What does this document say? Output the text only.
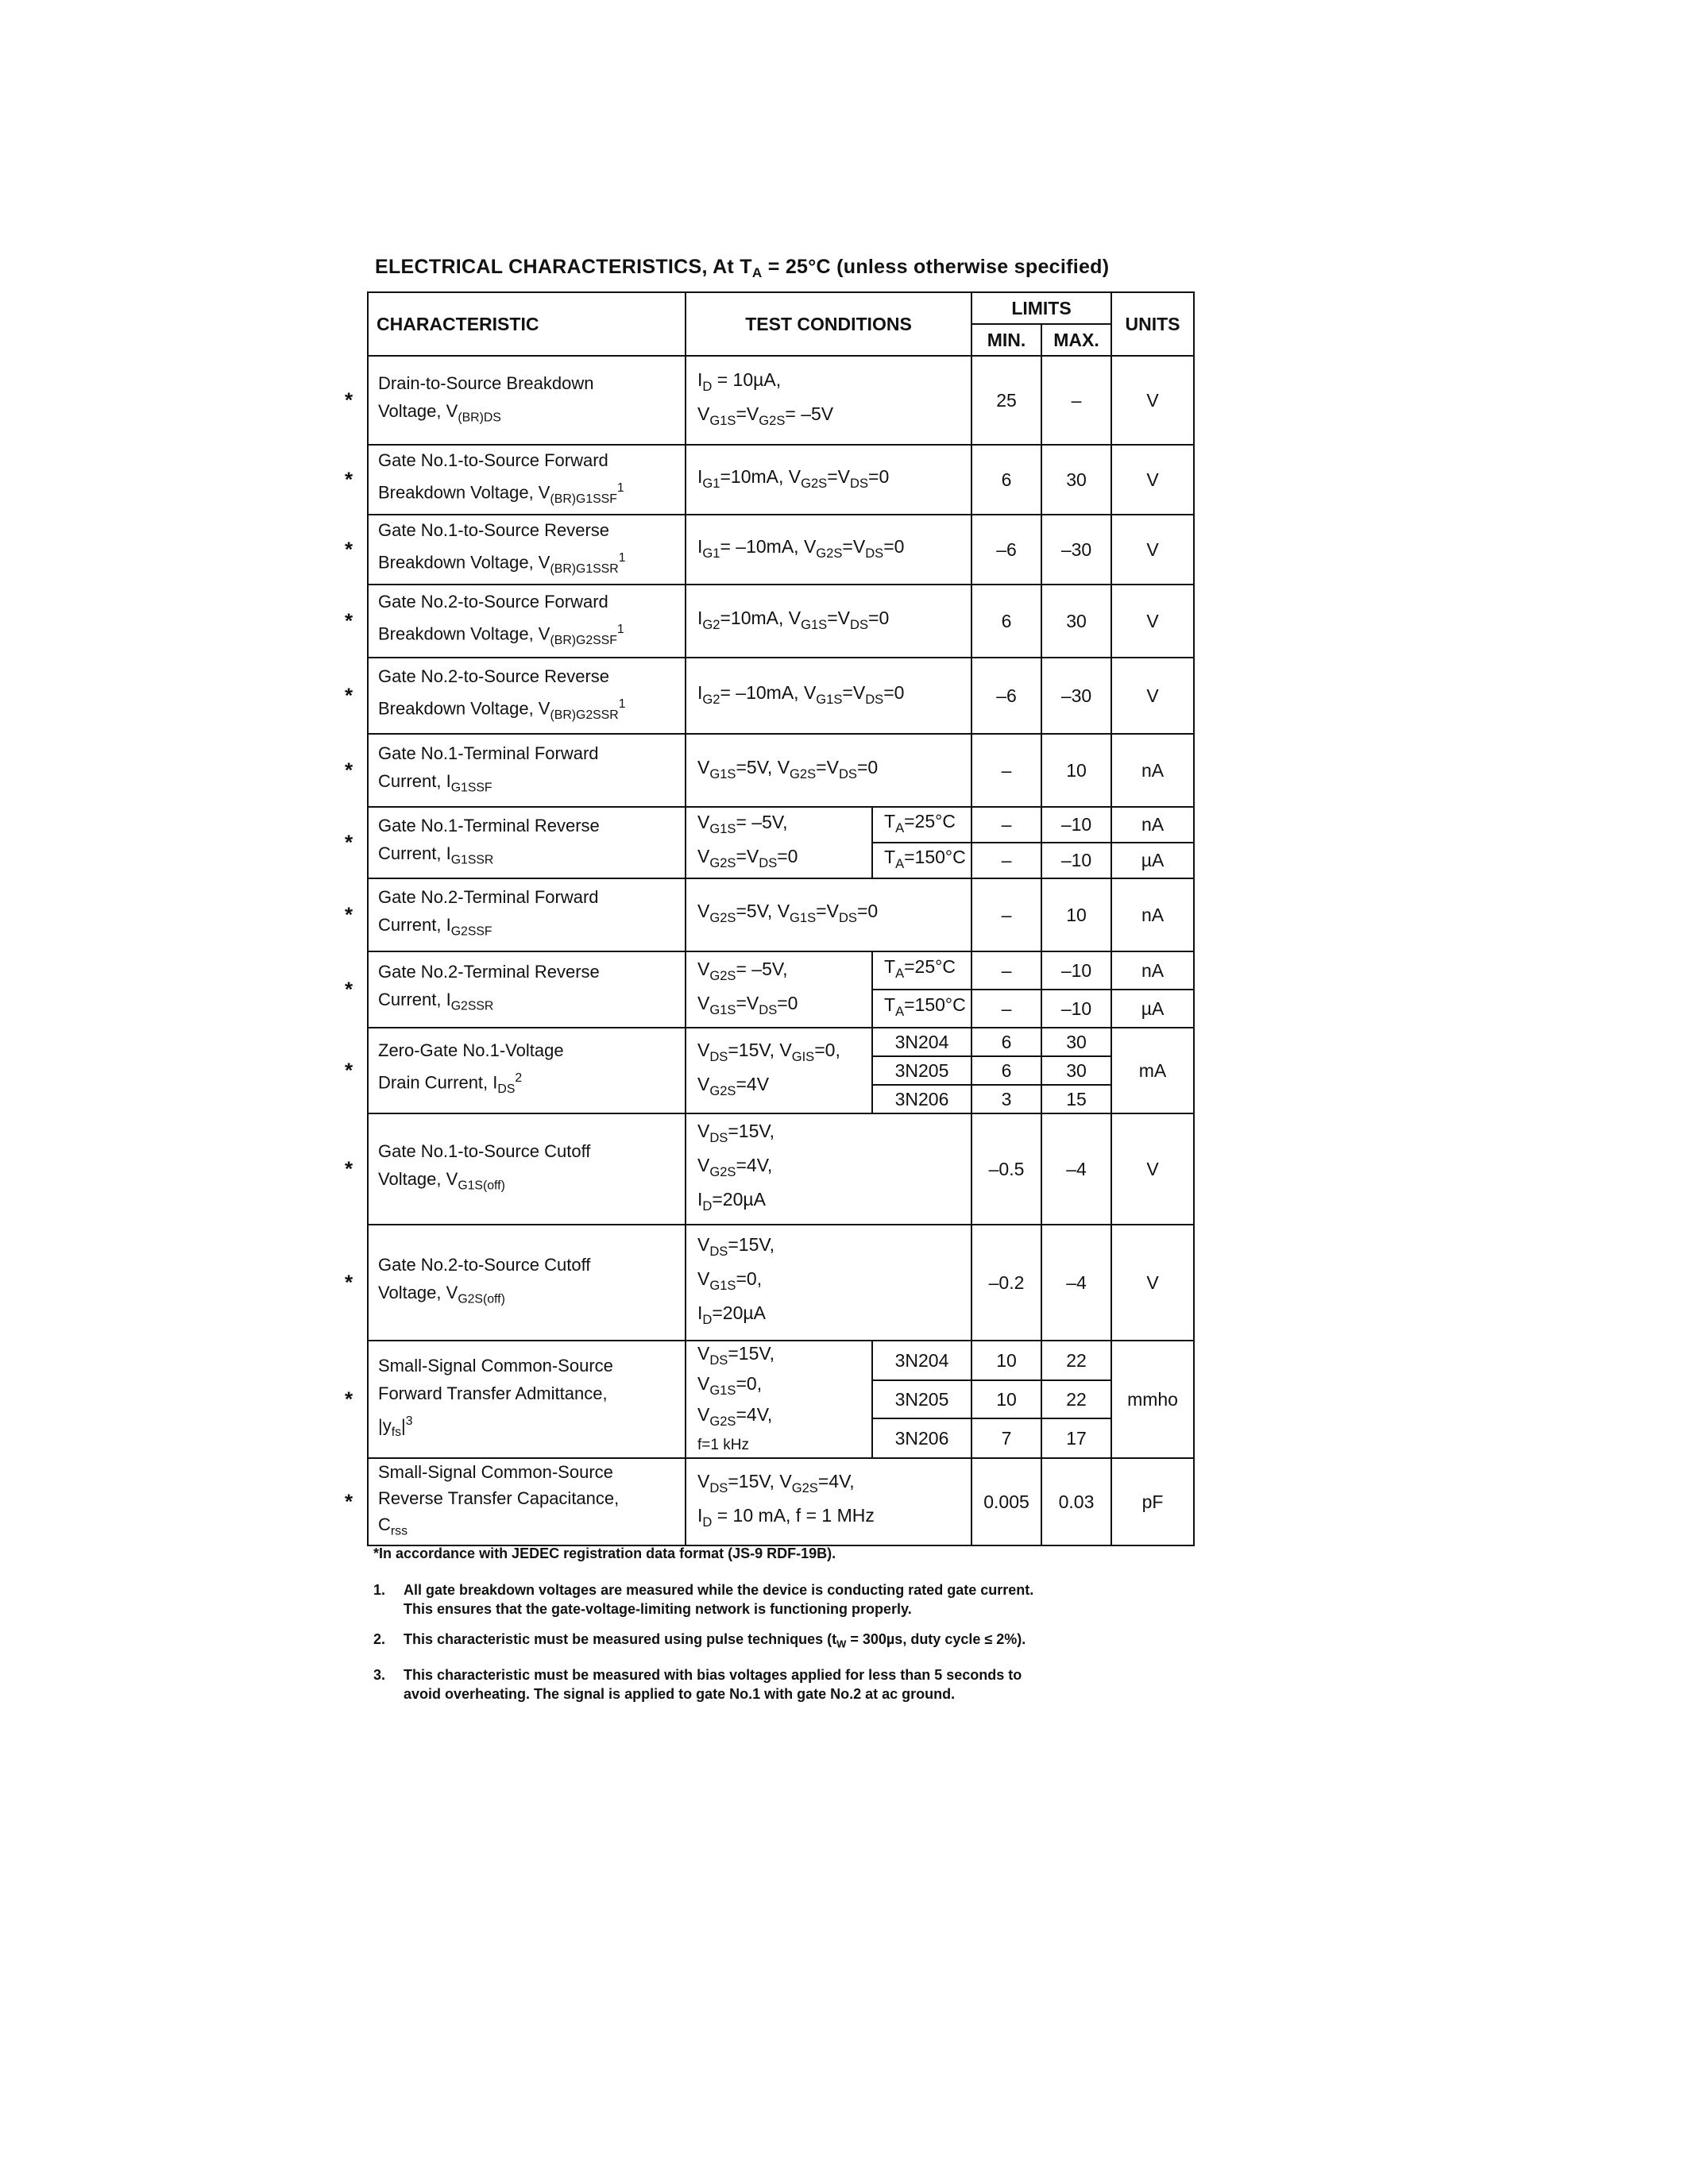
ELECTRICAL CHARACTERISTICS, At $T_A = 25^\circ C$ (unless otherwise specified)
CHARACTERISTIC	TEST CONDITIONS		LIMITS		UNITS
			MIN.	MAX.	

*
Drain-to-Source Breakdown
Voltage, $V_{(BR)DS}$	$I_D = 10\mu A$,
$V_{G1S}=V_{G2S}= -5V$		25	–	V

*
Gate No.1-to-Source Forward
Breakdown Voltage, $V_{(BR)G1SSF}^1$	$I_{G1}=10mA$, $V_{G2S}=V_{DS}=0$		6	30	V

*
Gate No.1-to-Source Reverse
Breakdown Voltage, $V_{(BR)G1SSR}^1$	$I_{G1}= -10mA$, $V_{G2S}=V_{DS}=0$		–6	–30	V

*
Gate No.2-to-Source Forward
Breakdown Voltage, $V_{(BR)G2SSF}^1$	$I_{G2}=10mA$, $V_{G1S}=V_{DS}=0$		6	30	V

*
Gate No.2-to-Source Reverse
Breakdown Voltage, $V_{(BR)G2SSR}^1$	$I_{G2}= -10mA$, $V_{G1S}=V_{DS}=0$		–6	–30	V

*
Gate No.1-Terminal Forward
Current, $I_{G1SSF}$	$V_{G1S}=5V$, $V_{G2S}=V_{DS}=0$		–	10	nA

*
Gate No.1-Terminal Reverse
Current, $I_{G1SSR}$	$V_{G1S}= -5V$,
$V_{G2S}=V_{DS}=0$	$T_A=25^\circ C$	–	–10	nA
		$T_A=150^\circ C$	–	–10	µA

*
Gate No.2-Terminal Forward
Current, $I_{G2SSF}$	$V_{G2S}=5V$, $V_{G1S}=V_{DS}=0$		–	10	nA

*
Gate No.2-Terminal Reverse
Current, $I_{G2SSR}$	$V_{G2S}= -5V$,
$V_{G1S}=V_{DS}=0$	$T_A=25^\circ C$	–	–10	nA
		$T_A=150^\circ C$	–	–10	µA

*
Zero-Gate No.1-Voltage
Drain Current, $I_{DS}^2$	$V_{DS}=15V$, $V_{GIS}=0$,
$V_{G2S}=4V$	3N204	6	30	mA
		3N205	6	30	
		3N206	3	15	

*
Gate No.1-to-Source Cutoff
Voltage, $V_{G1S(off)}$	$V_{DS}=15V$,
$V_{G2S}=4V$,
$I_D=20\mu A$		–0.5	–4	V

*
Gate No.2-to-Source Cutoff
Voltage, $V_{G2S(off)}$	$V_{DS}=15V$,
$V_{G1S}=0$,
$I_D=20\mu A$		–0.2	–4	V

*
Small-Signal Common-Source
Forward Transfer Admittance,
$|y_{fs}|^3$	$V_{DS}=15V$,
$V_{G1S}=0$,
$V_{G2S}=4V$,
f=1 kHz	3N204	10	22	mmho
		3N205	10	22	
		3N206	7	17	

*
Small-Signal Common-Source
Reverse Transfer Capacitance,
$C_{rss}$	$V_{DS}=15V$, $V_{G2S}=4V$,
$I_D = 10$ mA, f = 1 MHz		0.005	0.03	pF
*In accordance with JEDEC registration data format (JS-9 RDF-19B).
1. All gate breakdown voltages are measured while the device is conducting rated gate current.
This ensures that the gate-voltage-limiting network is functioning properly.
2. This characteristic must be measured using pulse techniques ($t_W = 300\mu s$, duty cycle ≤ 2%).
3. This characteristic must be measured with bias voltages applied for less than 5 seconds to
avoid overheating. The signal is applied to gate No.1 with gate No.2 at ac ground.
